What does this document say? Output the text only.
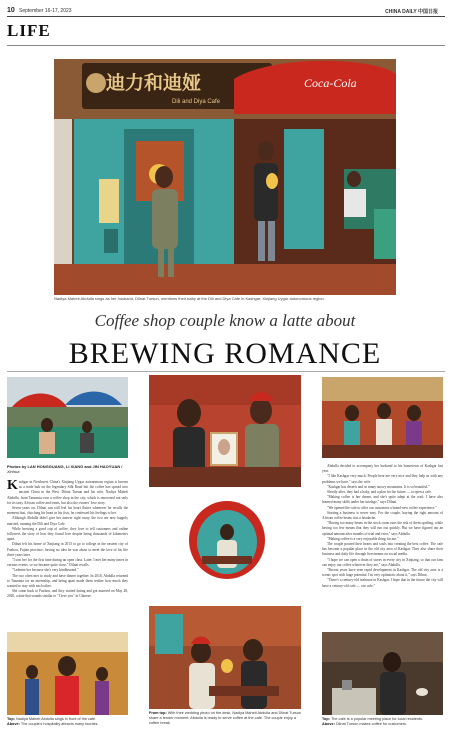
10 September 16-17, 2023	CHINA DAILY 中国日报
LIFE
迪力和迪娅
Dili and Diya Cafe
Coca-Cola
Nadiya Maheti Abdulla sings as her husband, Dilnat Tursun, mentions their baby at the Dili and Diya Cafe in Kashgar, Xinjiang Uygur autonomous region.
Coffee shop couple know a latte about
BREWING ROMANCE
Photos by LAN HONGGUANG, LI XIANG and JIN HAOYUAN / Xinhua
K ashgar in Northwest China's Xinjiang Uygur autonomous region is known as a trade hub on the legendary Silk Road but the coffee has spread into ancient China in the West. Dilnat Tursun and his wife, Nadiya Maheti Abdulla, from Tanzania own a coffee shop in the city, which is renowned not only for its tasty African coffee and treats, but also the owners' love story.

Seven years on, Dilnat can still feel his heart flutter whenever he recalls the moment that, clutching his heart in his fists, he confessed his feelings to her.

Although Abdulla didn't give her answer right away, the two are now happily married, running the Dili and Diya Cafe.

While brewing a good cup of coffee, they love to tell customers and online followers the story of how they found love despite being thousands of kilometers apart.

Dilnat left his home of Xinjiang in 2013 to go to college in the eastern city of Fuzhou, Fujian province, having no idea he was about to meet the love of his life three years later.

"I saw her for the first time during an open class. Later, I met her many times in various events, so we became quite close," Dilnat recalls.

"I admire her because she's very kindhearted."

The two often met to study and have dinner together. In 2018, Abdulla returned to Tanzania for an internship, and being apart made them realize how much they wanted to stay with each other.

She came back to Fuzhou, and they started dating and got married on May 28, 2020, a date that sounds similar to "I love you" in Chinese.

Top: Nadiya Maheti Abdulla sings in front of the cafe.
Above: The couple's hospitality attracts many tourists.
From top: With their wedding photo on the desk, Nadiya Maheti Abdulla and Dilnat Tursun share a tender moment. Abdulla is ready to serve coffee at the cafe. The couple enjoy a coffee break.

Abdulla decided to accompany her husband to his hometown of Kashgar last year.

"I like Kashgar very much. People here are very nice and they help us with any problems we have," says the wife.

"Kashgar has deserts and so many snowy mountains. It is so beautiful."

Shortly after, they had a baby, and a plan for the future — to open a cafe.

"Making coffee is her dream, and she's quite adept at the craft. I have also learned many skills under her tutelage," says Dilnat.

"We opened the cafe to offer our customers a brand-new coffee experience."

Starting a business is never easy. For the couple, buying the right amount of African coffee beans was a headache.

"Having too many beans in the stock room runs the risk of them spoiling, while having too few means that they will run out quickly. But we have figured out an optimal amount after months of trial and error," says Abdulla.

"Making coffee is a very enjoyable thing for me."

The couple poured their hearts and souls into creating the best coffee. The cafe has become a popular place in the old city area of Kashgar. They also share their business and daily life through livestreams on social media.

"I hope we can open a chain of stores in every city in Xinjiang, so that our fans can enjoy our coffee wherever they are," says Abdulla.

"Recent years have seen rapid development in Kashgar. The old city area is a scenic spot with huge potential. I'm very optimistic about it," says Dilnat.

"There's a century-old teahouse in Kashgar. I hope that in the future the city will have a century-old cafe — our cafe."

Top: The cafe is a popular meeting place for local residents.
Above: Dilnat Tursun makes coffee for customers.
